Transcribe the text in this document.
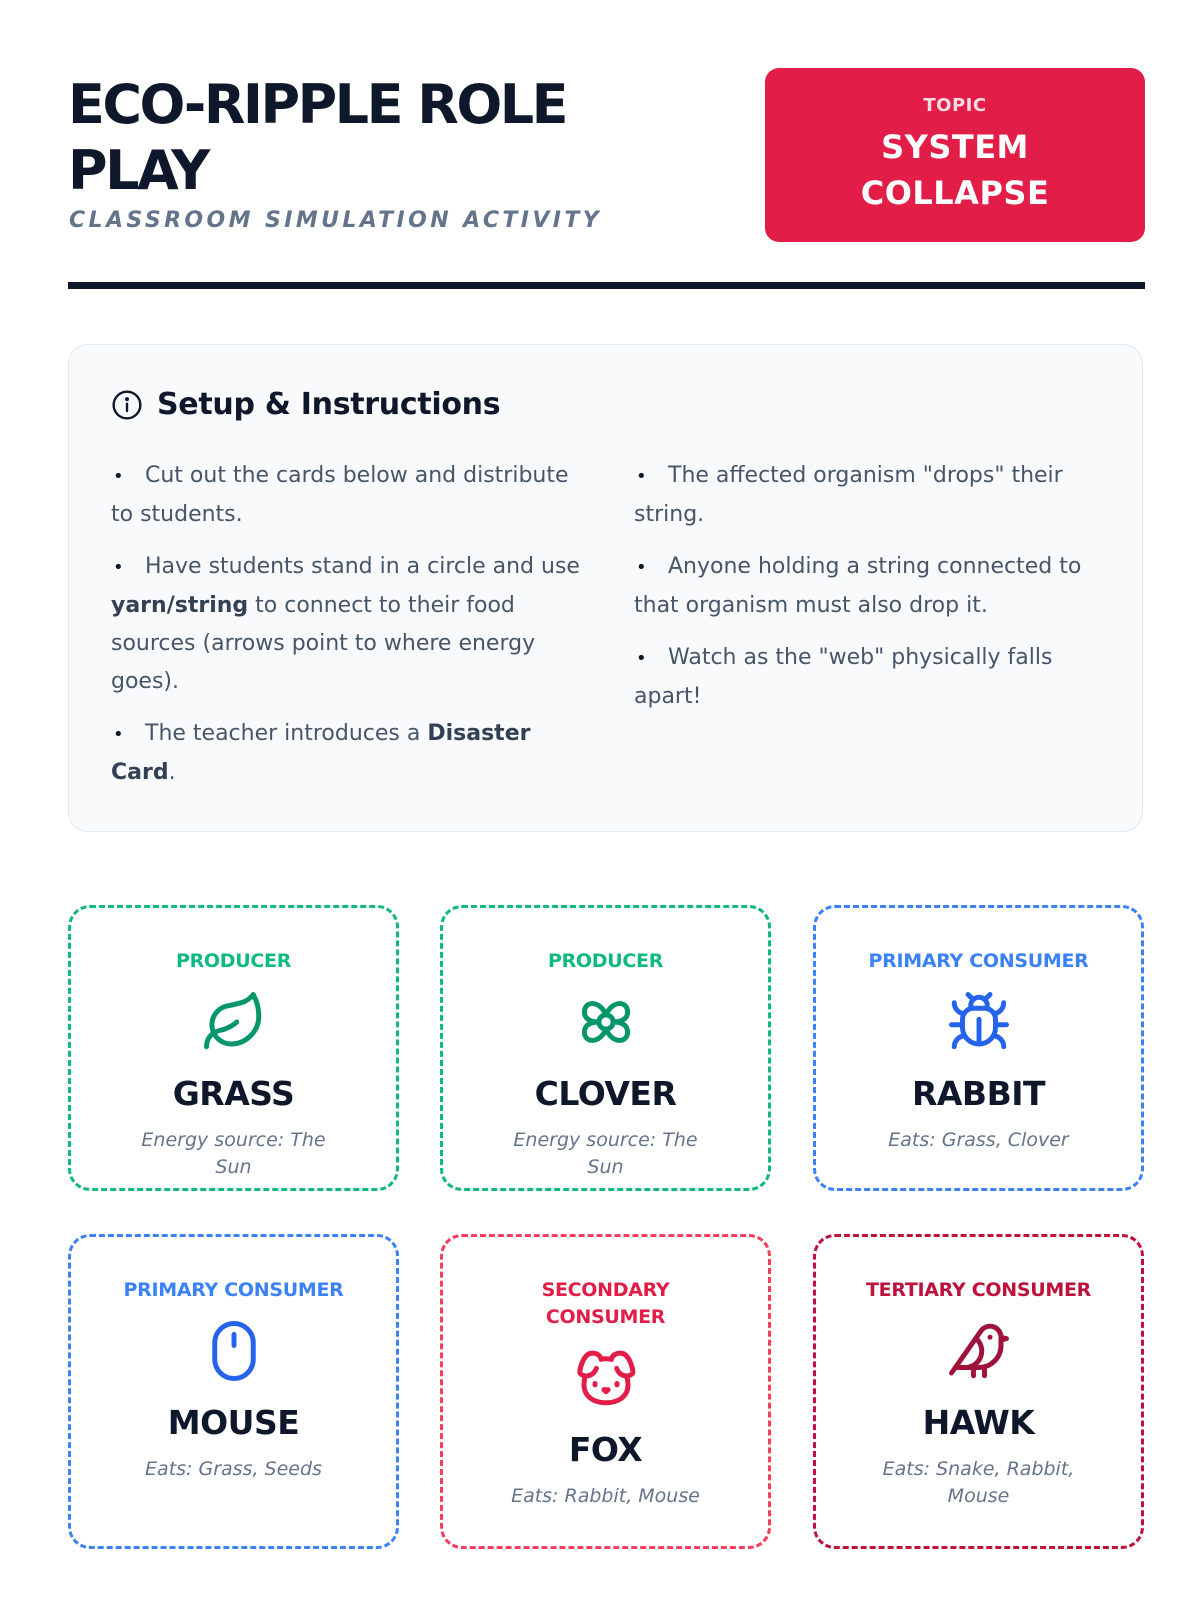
ECO-RIPPLE ROLE PLAY
CLASSROOM SIMULATION ACTIVITY
TOPIC
SYSTEM COLLAPSE
Setup & Instructions
• Cut out the cards below and distribute to students.
• Have students stand in a circle and use yarn/string to connect to their food sources (arrows point to where energy goes).
• The teacher introduces a Disaster Card.
• The affected organism "drops" their string.
• Anyone holding a string connected to that organism must also drop it.
• Watch as the "web" physically falls apart!
PRODUCER
GRASS
Energy source: The Sun
PRODUCER
CLOVER
Energy source: The Sun
PRIMARY CONSUMER
RABBIT
Eats: Grass, Clover
PRIMARY CONSUMER
MOUSE
Eats: Grass, Seeds
SECONDARY CONSUMER
FOX
Eats: Rabbit, Mouse
TERTIARY CONSUMER
HAWK
Eats: Snake, Rabbit, Mouse
